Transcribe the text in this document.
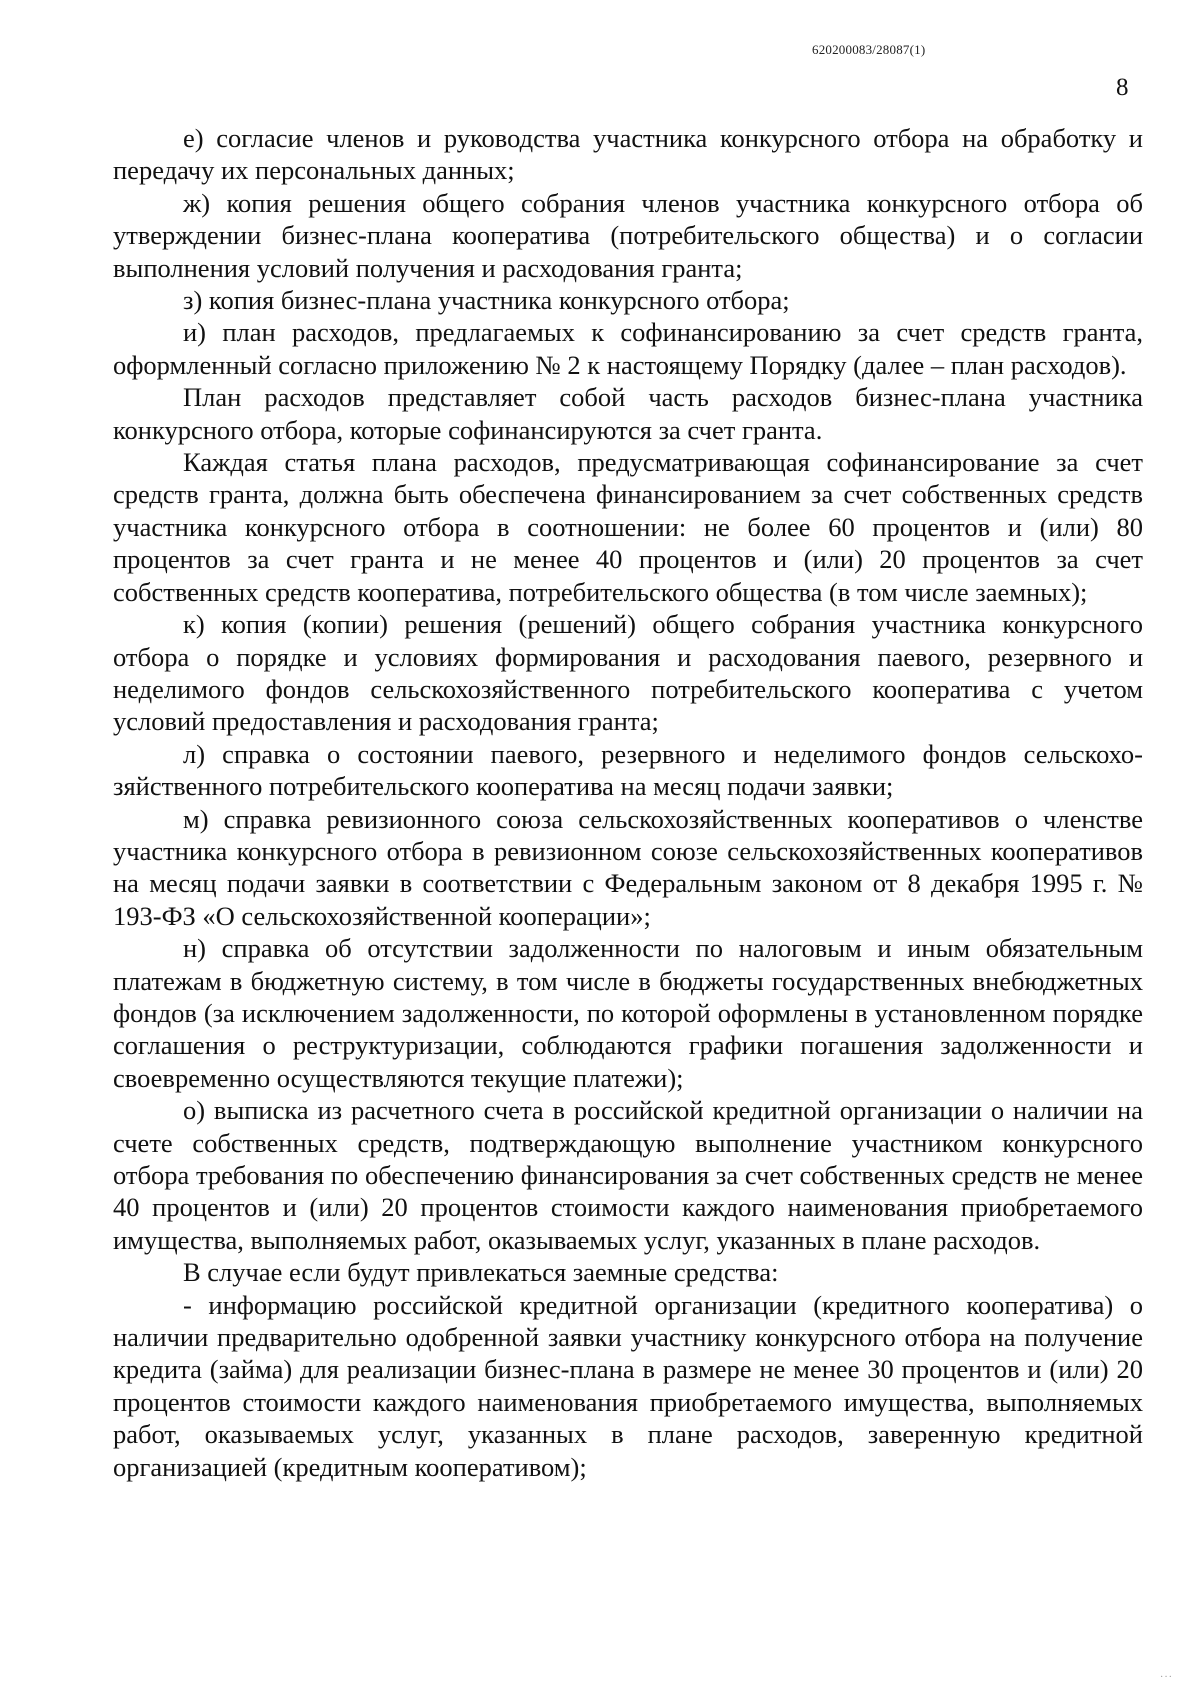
620200083/28087(1)
8

е) согласие членов и руководства участника конкурсного отбора на обработку и передачу их персональных данных;

ж) копия решения общего собрания членов участника конкурсного отбора об утверждении бизнес-плана кооператива (потребительского общества) и о согласии выполнения условий получения и расходования гранта;

з) копия бизнес-плана участника конкурсного отбора;

и) план расходов, предлагаемых к софинансированию за счет средств гранта, оформленный согласно приложению № 2 к настоящему Порядку (далее – план расходов).

План расходов представляет собой часть расходов бизнес-плана участника конкурсного отбора, которые софинансируются за счет гранта.

Каждая статья плана расходов, предусматривающая софинансирование за счет средств гранта, должна быть обеспечена финансированием за счет собственных средств участника конкурсного отбора в соотношении: не более 60 процентов и (или) 80 процентов за счет гранта и не менее 40 процентов и (или) 20 процентов за счет собственных средств кооператива, потребительского общества (в том числе заемных);

к) копия (копии) решения (решений) общего собрания участника конкурсного отбора о порядке и условиях формирования и расходования паевого, резервного и неделимого фондов сельскохозяйственного потребительского кооператива с учетом условий предоставления и расходования гранта;

л) справка о состоянии паевого, резервного и неделимого фондов сельскохозяйственного потребительского кооператива на месяц подачи заявки;

м) справка ревизионного союза сельскохозяйственных кооперативов о членстве участника конкурсного отбора в ревизионном союзе сельскохозяйственных кооперативов на месяц подачи заявки в соответствии с Федеральным законом от 8 декабря 1995 г. № 193-ФЗ «О сельскохозяйственной кооперации»;

н) справка об отсутствии задолженности по налоговым и иным обязательным платежам в бюджетную систему, в том числе в бюджеты государственных внебюджетных фондов (за исключением задолженности, по которой оформлены в установленном порядке соглашения о реструктуризации, соблюдаются графики погашения задолженности и своевременно осуществляются текущие платежи);

о) выписка из расчетного счета в российской кредитной организации о наличии на счете собственных средств, подтверждающую выполнение участником конкурсного отбора требования по обеспечению финансирования за счет собственных средств не менее 40 процентов и (или) 20 процентов стоимости каждого наименования приобретаемого имущества, выполняемых работ, оказываемых услуг, указанных в плане расходов.

В случае если будут привлекаться заемные средства:

- информацию российской кредитной организации (кредитного кооператива) о наличии предварительно одобренной заявки участнику конкурсного отбора на получение кредита (займа) для реализации бизнес-плана в размере не менее 30 процентов и (или) 20 процентов стоимости каждого наименования приобретаемого имущества, выполняемых работ, оказываемых услуг, указанных в плане расходов, заверенную кредитной организацией (кредитным кооперативом);

···
